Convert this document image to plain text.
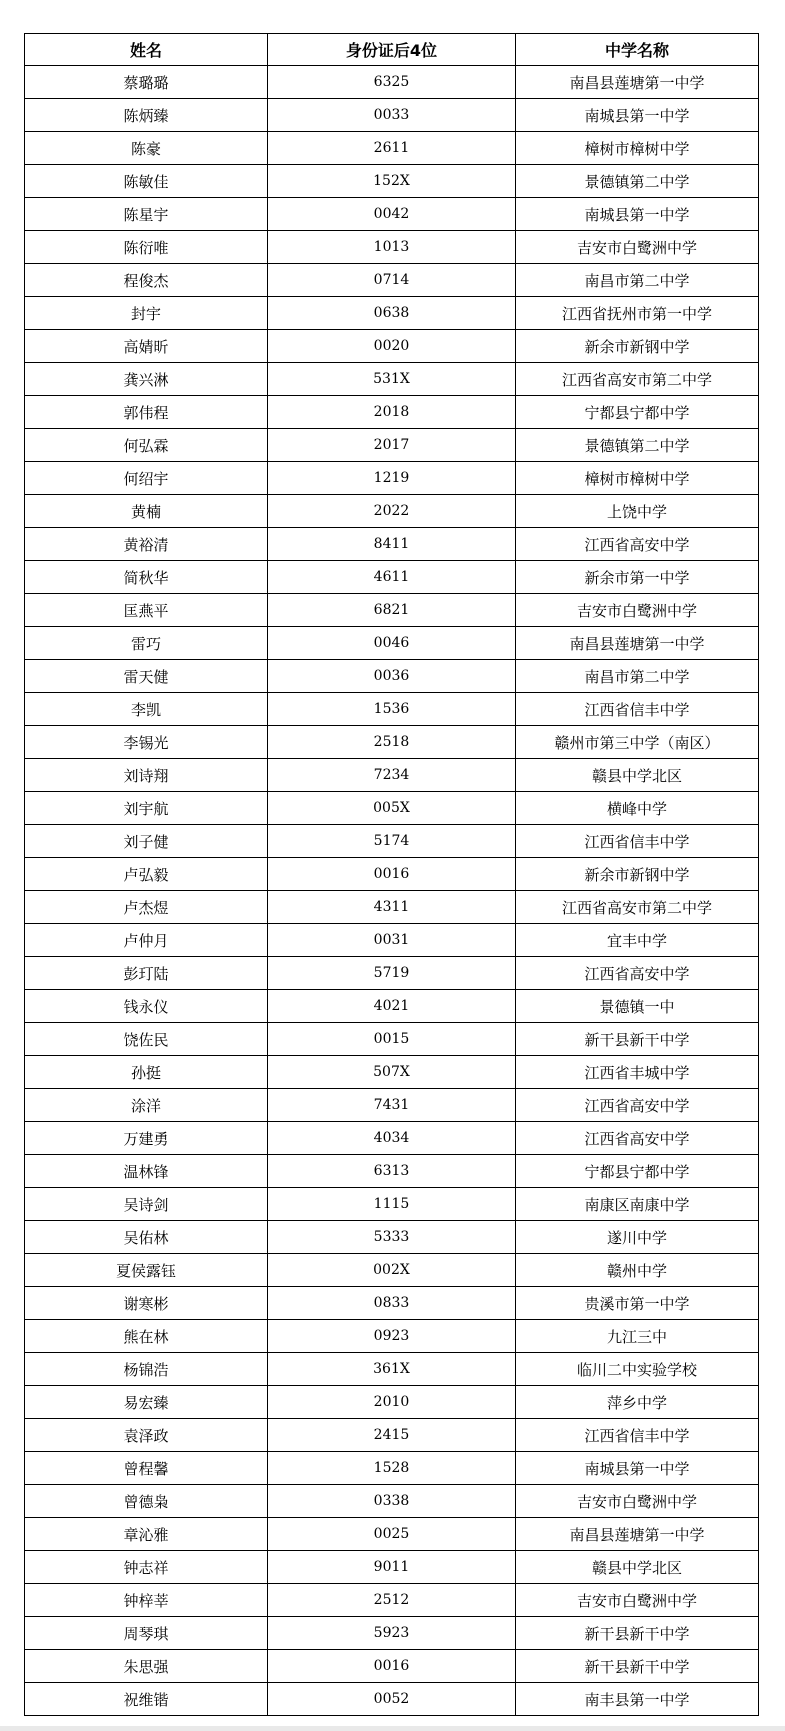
姓名	身份证后4位	中学名称
蔡璐璐	6325	南昌县莲塘第一中学
陈炳臻	0033	南城县第一中学
陈豪	2611	樟树市樟树中学
陈敏佳	152X	景德镇第二中学
陈星宇	0042	南城县第一中学
陈衍唯	1013	吉安市白鹭洲中学
程俊杰	0714	南昌市第二中学
封宇	0638	江西省抚州市第一中学
高婧昕	0020	新余市新钢中学
龚兴淋	531X	江西省高安市第二中学
郭伟程	2018	宁都县宁都中学
何弘霖	2017	景德镇第二中学
何绍宇	1219	樟树市樟树中学
黄楠	2022	上饶中学
黄裕清	8411	江西省高安中学
简秋华	4611	新余市第一中学
匡燕平	6821	吉安市白鹭洲中学
雷巧	0046	南昌县莲塘第一中学
雷天健	0036	南昌市第二中学
李凯	1536	江西省信丰中学
李锡光	2518	赣州市第三中学（南区）
刘诗翔	7234	赣县中学北区
刘宇航	005X	横峰中学
刘子健	5174	江西省信丰中学
卢弘毅	0016	新余市新钢中学
卢杰煜	4311	江西省高安市第二中学
卢仲月	0031	宜丰中学
彭玎陆	5719	江西省高安中学
钱永仪	4021	景德镇一中
饶佐民	0015	新干县新干中学
孙挺	507X	江西省丰城中学
涂洋	7431	江西省高安中学
万建勇	4034	江西省高安中学
温林锋	6313	宁都县宁都中学
吴诗剑	1115	南康区南康中学
吴佑林	5333	遂川中学
夏侯露钰	002X	赣州中学
谢寒彬	0833	贵溪市第一中学
熊在林	0923	九江三中
杨锦浩	361X	临川二中实验学校
易宏臻	2010	萍乡中学
袁泽政	2415	江西省信丰中学
曾程馨	1528	南城县第一中学
曾德枭	0338	吉安市白鹭洲中学
章沁雅	0025	南昌县莲塘第一中学
钟志祥	9011	赣县中学北区
钟梓莘	2512	吉安市白鹭洲中学
周琴琪	5923	新干县新干中学
朱思强	0016	新干县新干中学
祝维锴	0052	南丰县第一中学
